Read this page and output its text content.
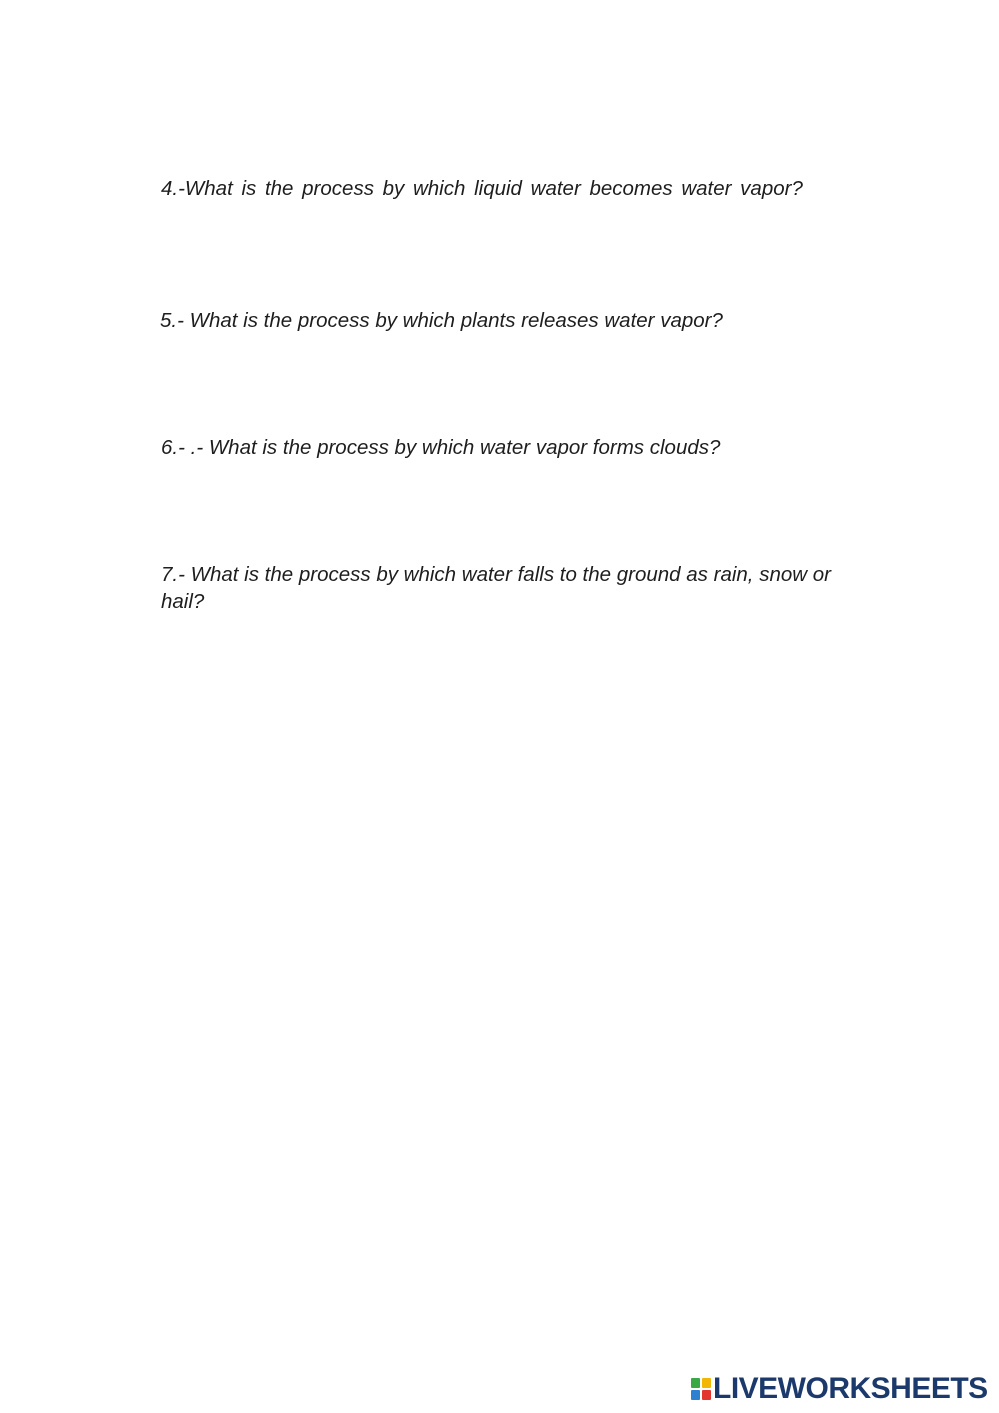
4.-What is the process by which liquid water becomes water vapor?

5.- What is the process by which plants releases water vapor?

6.- .- What is the process by which water vapor forms clouds?

7.- What is the process by which water falls to the ground as rain, snow or hail?

LIVEWORKSHEETS
